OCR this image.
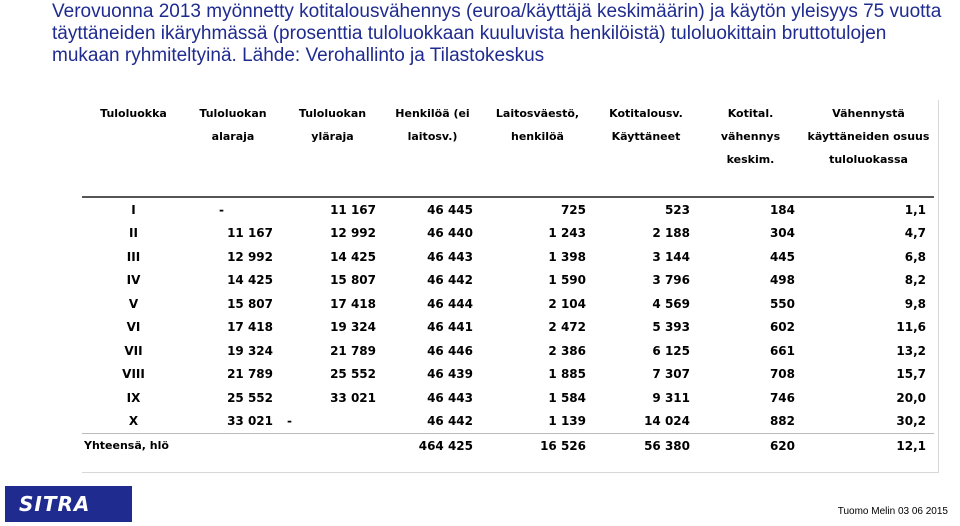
Verovuonna 2013 myönnetty kotitalousvähennys (euroa/käyttäjä keskimäärin) ja käytön yleisyys 75 vuotta täyttäneiden ikäryhmässä (prosenttia tuloluokkaan kuuluvista henkilöistä) tuloluokittain bruttotulojen mukaan ryhmiteltyinä. Lähde: Verohallinto ja Tilastokeskus
Tuloluokka	Tuloluokan alaraja	Tuloluokan yläraja	Henkilöä (ei laitosv.)	Laitosväestö, henkilöä	Kotitalousv. Käyttäneet	Kotital. vähennys keskim.	Vähennystä käyttäneiden osuus tuloluokassa
I	-	11 167	46 445	725	523	184	1,1
II	11 167	12 992	46 440	1 243	2 188	304	4,7
III	12 992	14 425	46 443	1 398	3 144	445	6,8
IV	14 425	15 807	46 442	1 590	3 796	498	8,2
V	15 807	17 418	46 444	2 104	4 569	550	9,8
VI	17 418	19 324	46 441	2 472	5 393	602	11,6
VII	19 324	21 789	46 446	2 386	6 125	661	13,2
VIII	21 789	25 552	46 439	1 885	7 307	708	15,7
IX	25 552	33 021	46 443	1 584	9 311	746	20,0
X	33 021	-	46 442	1 139	14 024	882	30,2
Yhteensä, hlö			464 425	16 526	56 380	620	12,1
SITRA	Tuomo Melin 03 06 2015
